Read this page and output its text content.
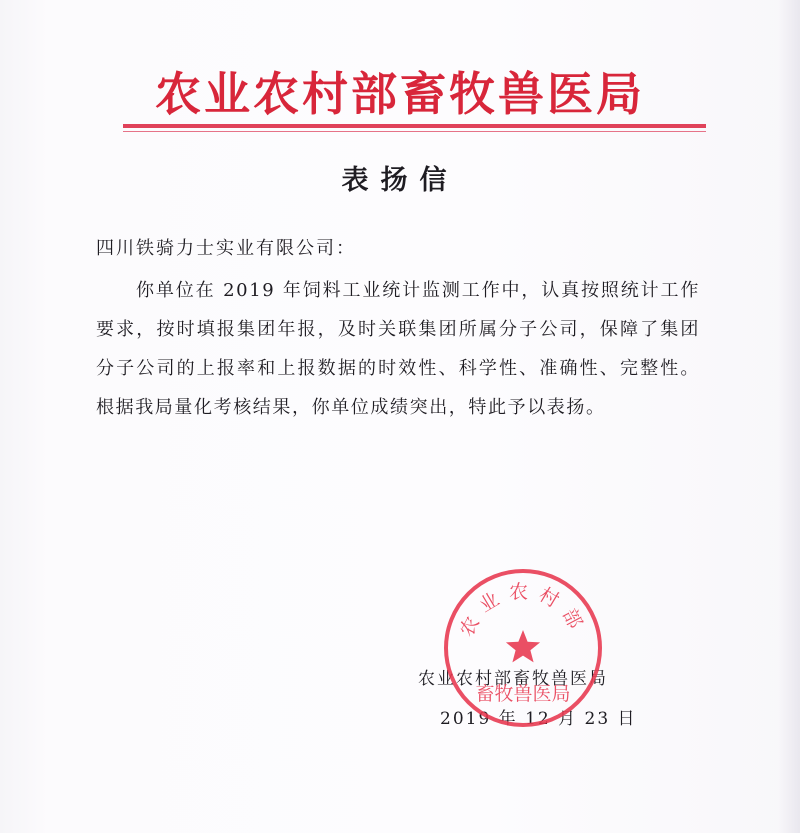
农业农村部畜牧兽医局
表扬信
四川铁骑力士实业有限公司：
你单位在 2019 年饲料工业统计监测工作中，认真按照统计工作要求，按时填报集团年报，及时关联集团所属分子公司，保障了集团分子公司的上报率和上报数据的时效性、科学性、准确性、完整性。根据我局量化考核结果，你单位成绩突出，特此予以表扬。
农业农村部畜牧兽医局
2019 年 12 月 23 日
农业农村部
畜牧兽医局
